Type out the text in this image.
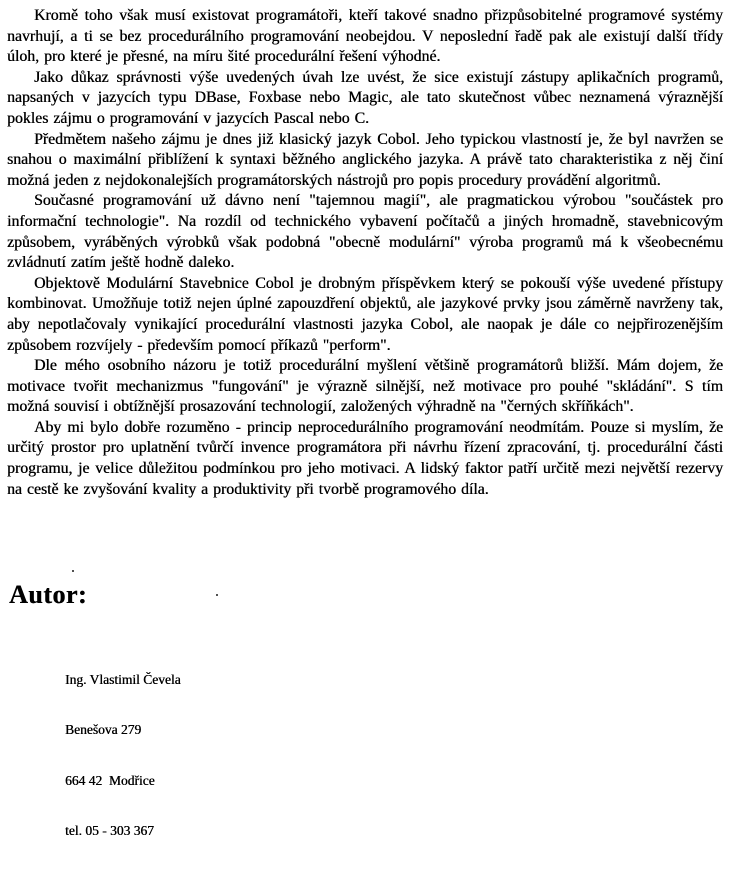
Kromě toho však musí existovat programátoři, kteří takové snadno přizpůsobitelné programové systémy navrhují, a ti se bez procedurálního programování neobejdou. V neposlední řadě pak ale existují další třídy úloh, pro které je přesné, na míru šité procedurální řešení výhodné.

Jako důkaz správnosti výše uvedených úvah lze uvést, že sice existují zástupy aplikačních programů, napsaných v jazycích typu DBase, Foxbase nebo Magic, ale tato skutečnost vůbec neznamená výraznější pokles zájmu o programování v jazycích Pascal nebo C.

Předmětem našeho zájmu je dnes již klasický jazyk Cobol. Jeho typickou vlastností je, že byl navržen se snahou o maximální přiblížení k syntaxi běžného anglického jazyka. A právě tato charakteristika z něj činí možná jeden z nejdokonalejších programátorských nástrojů pro popis procedury provádění algoritmů.

Současné programování už dávno není "tajemnou magií", ale pragmatickou výrobou "součástek pro informační technologie". Na rozdíl od technického vybavení počítačů a jiných hromadně, stavebnicovým způsobem, vyráběných výrobků však podobná "obecně modulární" výroba programů má k všeobecnému zvládnutí zatím ještě hodně daleko.

Objektově Modulární Stavebnice Cobol je drobným příspěvkem který se pokouší výše uvedené přístupy kombinovat. Umožňuje totiž nejen úplné zapouzdření objektů, ale jazykové prvky jsou záměrně navrženy tak, aby nepotlačovaly vynikající procedurální vlastnosti jazyka Cobol, ale naopak je dále co nejpřirozenějším způsobem rozvíjely - především pomocí příkazů "perform".

Dle mého osobního názoru je totiž procedurální myšlení většině programátorů bližší. Mám dojem, že motivace tvořit mechanizmus "fungování" je výrazně silnější, než motivace pro pouhé "skládání". S tím možná souvisí i obtížnější prosazování technologií, založených výhradně na "černých skříňkách".

Aby mi bylo dobře rozuměno - princip neprocedurálního programování neodmítám. Pouze si myslím, že určitý prostor pro uplatnění tvůrčí invence programátora při návrhu řízení zpracování, tj. procedurální části programu, je velice důležitou podmínkou pro jeho motivaci. A lidský faktor patří určitě mezi největší rezervy na cestě ke zvyšování kvality a produktivity při tvorbě programového díla.

Autor:

Ing. Vlastimil Čevela

Benešova 279

664 42  Modřice

tel. 05 - 303 367
